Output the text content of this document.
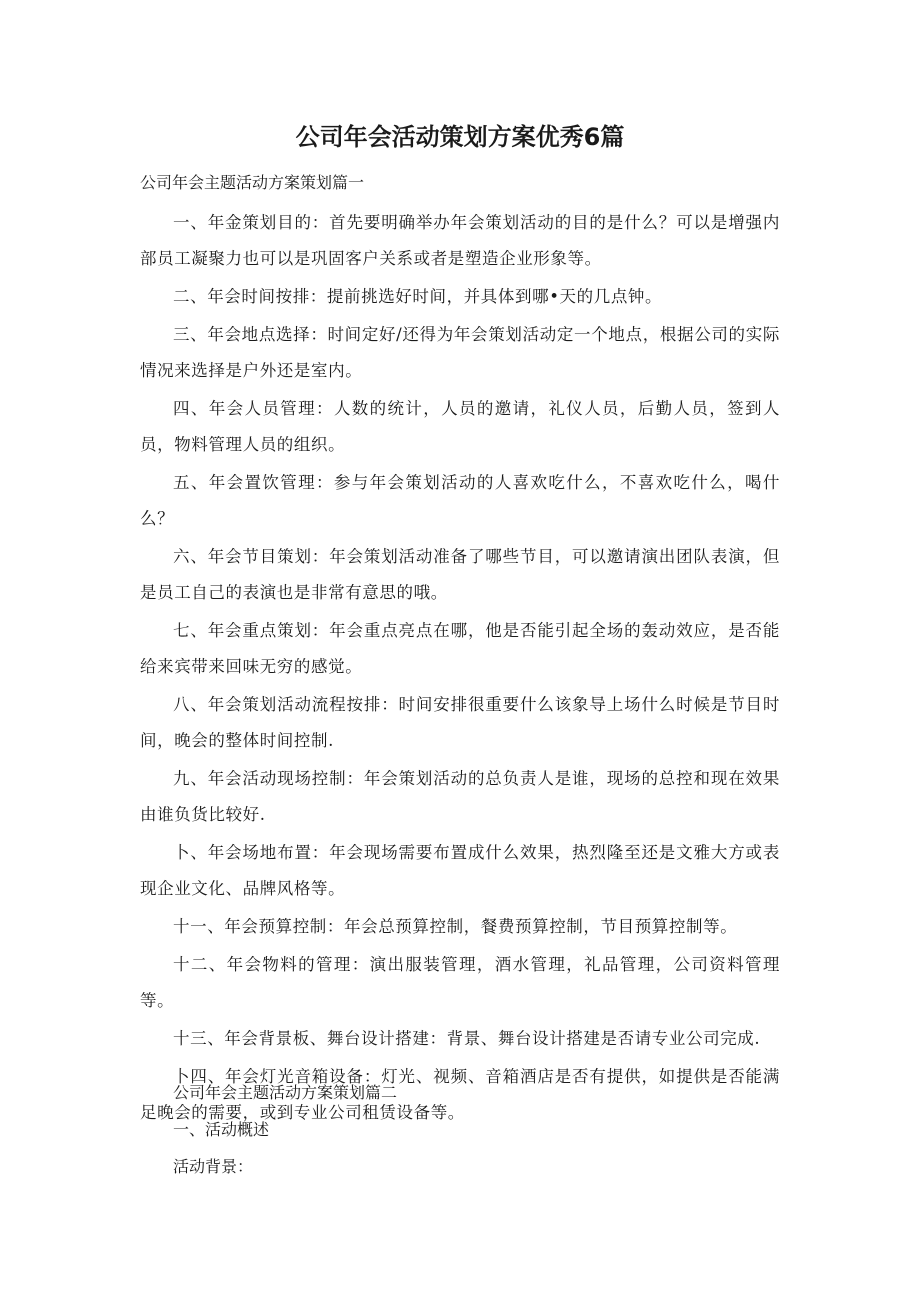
公司年会活动策划方案优秀6篇
公司年会主题活动方案策划篇一

一、年金策划目的：首先要明确举办年会策划活动的目的是什么？可以是增强内部员工凝聚力也可以是巩固客户关系或者是塑造企业形象等。

二、年会时间按排：提前挑选好时间，并具体到哪•天的几点钟。

三、年会地点选择：时间定好/还得为年会策划活动定一个地点，根据公司的实际情况来选择是户外还是室内。

四、年会人员管理：人数的统计，人员的邀请，礼仪人员，后勤人员，签到人员，物料管理人员的组织。

五、年会置饮管理：参与年会策划活动的人喜欢吃什么，不喜欢吃什么，喝什么？

六、年会节目策划：年会策划活动准备了哪些节目，可以邀请演出团队表演，但是员工自己的表演也是非常有意思的哦。

七、年会重点策划：年会重点亮点在哪，他是否能引起全场的轰动效应，是否能给来宾带来回味无穷的感觉。

八、年会策划活动流程按排：时间安排很重要什么该象导上场什么时候是节目时间，晚会的整体时间控制.

九、年会活动现场控制：年会策划活动的总负责人是谁，现场的总控和现在效果由谁负货比较好.

卜、年会场地布置：年会现场需要布置成什么效果，热烈隆至还是文雅大方或表现企业文化、品牌风格等。

十一、年会预算控制：年会总预算控制，餐费预算控制，节目预算控制等。

十二、年会物料的管理：演出服装管理，酒水管理，礼品管理，公司资料管理等。

十三、年会背景板、舞台设计搭建：背景、舞台设计搭建是否请专业公司完成.

卜四、年会灯光音箱设备：灯光、视频、音箱酒店是否有提供，如提供是否能满足晚会的需要，或到专业公司租赁设备等。

公司年会主题活动方案策划篇二
一、活动概述
活动背景：
